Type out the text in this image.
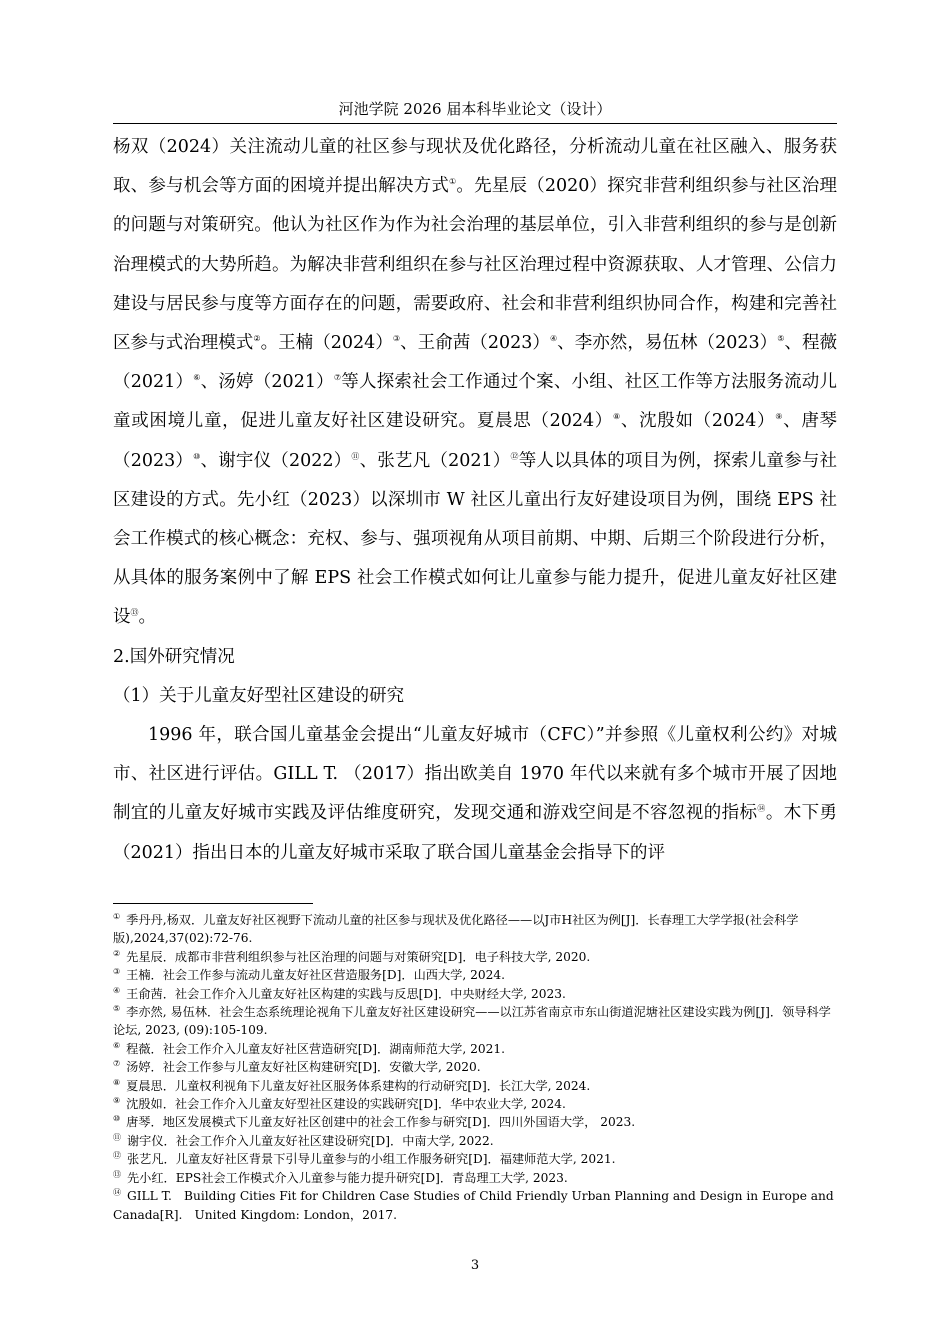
河池学院 2026 届本科毕业论文（设计）

杨双（2024）关注流动儿童的社区参与现状及优化路径，分析流动儿童在社区融入、服务获取、参与机会等方面的困境并提出解决方式①。先星辰（2020）探究非营利组织参与社区治理的问题与对策研究。他认为社区作为作为社会治理的基层单位，引入非营利组织的参与是创新治理模式的大势所趋。为解决非营利组织在参与社区治理过程中资源获取、人才管理、公信力建设与居民参与度等方面存在的问题，需要政府、社会和非营利组织协同合作，构建和完善社区参与式治理模式②。王楠（2024）③、王俞茜（2023）④、李亦然，易伍林（2023）⑤、程薇（2021）⑥、汤婷（2021）⑦等人探索社会工作通过个案、小组、社区工作等方法服务流动儿童或困境儿童，促进儿童友好社区建设研究。夏晨思（2024）⑧、沈殷如（2024）⑨、唐琴（2023）⑩、谢宇仪（2022）⑪、张艺凡（2021）⑫等人以具体的项目为例，探索儿童参与社区建设的方式。先小红（2023）以深圳市 W 社区儿童出行友好建设项目为例，围绕 EPS 社会工作模式的核心概念：充权、参与、强项视角从项目前期、中期、后期三个阶段进行分析，从具体的服务案例中了解 EPS 社会工作模式如何让儿童参与能力提升，促进儿童友好社区建设⑬。

2.国外研究情况

（1）关于儿童友好型社区建设的研究

1996 年，联合国儿童基金会提出“儿童友好城市（CFC）”并参照《儿童权利公约》对城市、社区进行评估。GILL T. （2017）指出欧美自 1970 年代以来就有多个城市开展了因地制宜的儿童友好城市实践及评估维度研究，发现交通和游戏空间是不容忽视的指标⑭。木下勇（2021）指出日本的儿童友好城市采取了联合国儿童基金会指导下的评

① 季丹丹,杨双．儿童友好社区视野下流动儿童的社区参与现状及优化路径——以J市H社区为例[J]．长春理工大学学报(社会科学版),2024,37(02):72-76.

② 先星辰．成都市非营利组织参与社区治理的问题与对策研究[D]．电子科技大学, 2020.

③ 王楠．社会工作参与流动儿童友好社区营造服务[D]．山西大学, 2024.

④ 王俞茜．社会工作介入儿童友好社区构建的实践与反思[D]．中央财经大学, 2023.

⑤ 李亦然, 易伍林．社会生态系统理论视角下儿童友好社区建设研究——以江苏省南京市东山街道泥塘社区建设实践为例[J]．领导科学论坛, 2023, (09):105-109.

⑥ 程薇．社会工作介入儿童友好社区营造研究[D]．湖南师范大学, 2021.

⑦ 汤婷．社会工作参与儿童友好社区构建研究[D]．安徽大学, 2020.

⑧ 夏晨思．儿童权利视角下儿童友好社区服务体系建构的行动研究[D]．长江大学, 2024.

⑨ 沈殷如．社会工作介入儿童友好型社区建设的实践研究[D]．华中农业大学, 2024.

⑩ 唐琴．地区发展模式下儿童友好社区创建中的社会工作参与研究[D]．四川外国语大学， 2023.

⑪ 谢宇仪．社会工作介入儿童友好社区建设研究[D]．中南大学, 2022.

⑫ 张艺凡．儿童友好社区背景下引导儿童参与的小组工作服务研究[D]．福建师范大学, 2021.

⑬ 先小红．EPS社会工作模式介入儿童参与能力提升研究[D]．青岛理工大学, 2023.

⑭ GILL T.　Building Cities Fit for Children Case Studies of Child Friendly Urban Planning and Design in Europe and Canada[R].　United Kingdom: London，2017.

3
